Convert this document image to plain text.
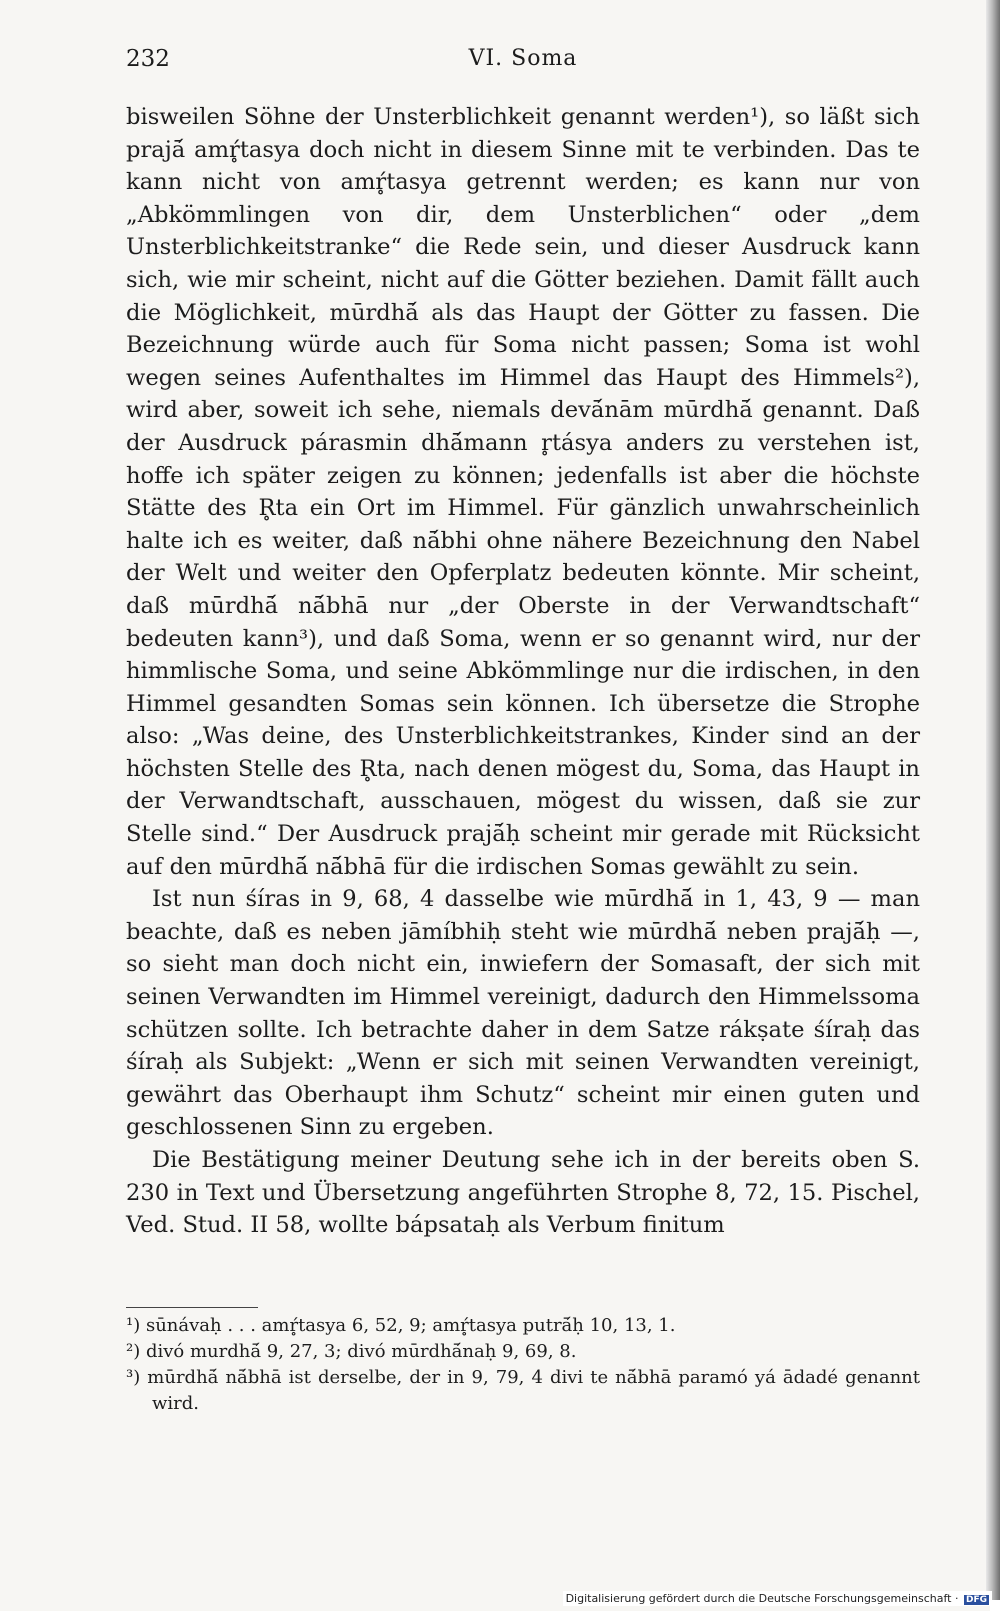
232	VI. Soma

bisweilen Söhne der Unsterblichkeit genannt werden¹), so läßt sich prajā́ amŕ̥tasya doch nicht in diesem Sinne mit te verbinden. Das te kann nicht von amŕ̥tasya getrennt werden; es kann nur von „Abkömmlingen von dir, dem Unsterblichen“ oder „dem Unsterblichkeitstranke“ die Rede sein, und dieser Ausdruck kann sich, wie mir scheint, nicht auf die Götter beziehen. Damit fällt auch die Möglichkeit, mūrdhā́ als das Haupt der Götter zu fassen. Die Bezeichnung würde auch für Soma nicht passen; Soma ist wohl wegen seines Aufenthaltes im Himmel das Haupt des Himmels²), wird aber, soweit ich sehe, niemals devā́nām mūrdhā́ genannt. Daß der Ausdruck párasmin dhā́mann r̥tásya anders zu verstehen ist, hoffe ich später zeigen zu können; jedenfalls ist aber die höchste Stätte des R̥ta ein Ort im Himmel. Für gänzlich unwahrscheinlich halte ich es weiter, daß nā́bhi ohne nähere Bezeichnung den Nabel der Welt und weiter den Opferplatz bedeuten könnte. Mir scheint, daß mūrdhā́ nā́bhā nur „der Oberste in der Verwandtschaft“ bedeuten kann³), und daß Soma, wenn er so genannt wird, nur der himmlische Soma, und seine Abkömmlinge nur die irdischen, in den Himmel gesandten Somas sein können. Ich übersetze die Strophe also: „Was deine, des Unsterblichkeitstrankes, Kinder sind an der höchsten Stelle des R̥ta, nach denen mögest du, Soma, das Haupt in der Verwandtschaft, ausschauen, mögest du wissen, daß sie zur Stelle sind.“ Der Ausdruck prajā́ḥ scheint mir gerade mit Rücksicht auf den mūrdhā́ nā́bhā für die irdischen Somas gewählt zu sein.

Ist nun śíras in 9, 68, 4 dasselbe wie mūrdhā́ in 1, 43, 9 — man beachte, daß es neben jāmíbhiḥ steht wie mūrdhā́ neben prajā́ḥ —, so sieht man doch nicht ein, inwiefern der Somasaft, der sich mit seinen Verwandten im Himmel vereinigt, dadurch den Himmelssoma schützen sollte. Ich betrachte daher in dem Satze rákṣate śíraḥ das śíraḥ als Subjekt: „Wenn er sich mit seinen Verwandten vereinigt, gewährt das Oberhaupt ihm Schutz“ scheint mir einen guten und geschlossenen Sinn zu ergeben.

Die Bestätigung meiner Deutung sehe ich in der bereits oben S. 230 in Text und Übersetzung angeführten Strophe 8, 72, 15. Pischel, Ved. Stud. II 58, wollte bápsataḥ als Verbum finitum

¹) sūnávaḥ . . . amŕ̥tasya 6, 52, 9; amŕ̥tasya putrā́ḥ 10, 13, 1.

²) divó murdhā́ 9, 27, 3; divó mūrdhā́naḥ 9, 69, 8.

³) mūrdhā́ nā́bhā ist derselbe, der in 9, 79, 4 divi te nā́bhā paramó yá ādadé genannt wird.

Digitalisierung gefördert durch die Deutsche Forschungsgemeinschaft · DFG
